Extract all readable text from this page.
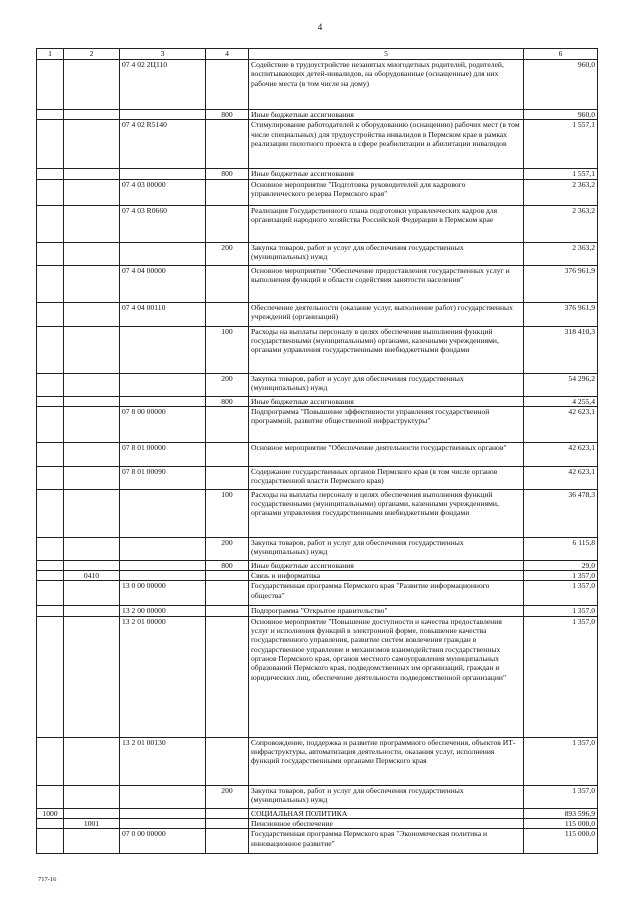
4
1	2	3	4	5	6
		07 4 02 2Ц110		Содействие в трудоустройстве незанятых многодетных родителей, родителей, воспитывающих детей-инвалидов, на оборудованные (оснащенные) для них рабочие места (в том числе на дому)	960,0
			800	Иные бюджетные ассигнования	960,0
		07 4 02 R5140		Стимулирование работодателей к оборудованию (оснащению) рабочих мест (в том числе специальных) для трудоустройства инвалидов в Пермском крае в рамках реализации пилотного проекта в сфере реабилитации и абилитации инвалидов	1 557,1
			800	Иные бюджетные ассигнования	1 557,1
		07 4 03 00000		Основное мероприятие "Подготовка руководителей для кадрового управленческого резерва Пермского края"	2 363,2
		07 4 03 R0660		Реализация Государственного плана подготовки управленческих кадров для организаций народного хозяйства Российской Федерации в Пермском крае	2 363,2
			200	Закупка товаров, работ и услуг для обеспечения государственных (муниципальных) нужд	2 363,2
		07 4 04 00000		Основное мероприятие "Обеспечение предоставления государственных услуг и выполнения функций в области содействия занятости населения"	376 961,9
		07 4 04 00110		Обеспечение деятельности (оказание услуг, выполнение работ) государственных учреждений (организаций)	376 961,9
			100	Расходы на выплаты персоналу в целях обеспечения выполнения функций государственными (муниципальными) органами, казенными учреждениями, органами управления государственными внебюджетными фондами	318 410,3
			200	Закупка товаров, работ и услуг для обеспечения государственных (муниципальных) нужд	54 296,2
			800	Иные бюджетные ассигнования	4 255,4
		07 8 00 00000		Подпрограмма "Повышение эффективности управления государственной программой, развитие общественной инфраструктуры"	42 623,1
		07 8 01 00000		Основное мероприятие "Обеспечение деятельности государственных органов"	42 623,1
		07 8 01 00090		Содержание государственных органов Пермского края (в том числе органов государственной власти Пермского края)	42 623,1
			100	Расходы на выплаты персоналу в целях обеспечения выполнения функций государственными (муниципальными) органами, казенными учреждениями, органами управления государственными внебюджетными фондами	36 478,3
			200	Закупка товаров, работ и услуг для обеспечения государственных (муниципальных) нужд	6 115,8
			800	Иные бюджетные ассигнования	29,0
	0410			Связь и информатика	1 357,0
		13 0 00 00000		Государственная программа Пермского края "Развитие информационного общества"	1 357,0
		13 2 00 00000		Подпрограмма "Открытое правительство"	1 357,0
		13 2 01 00000		Основное мероприятие "Повышение доступности и качества предоставления услуг и исполнения функций в электронной форме, повышение качества государственного управления, развитие систем вовлечения граждан в государственное управление и механизмов взаимодействия государственных органов Пермского края, органов местного самоуправления муниципальных образований Пермского края, подведомственных им организаций, граждан и юридических лиц, обеспечение деятельности подведомственной организации"	1 357,0
		13 2 01 00130		Сопровождение, поддержка и развитие программного обеспечения, объектов ИТ-инфраструктуры, автоматизация деятельности, оказания услуг, исполнения функций государственными органами Пермского края	1 357,0
			200	Закупка товаров, работ и услуг для обеспечения государственных (муниципальных) нужд	1 357,0
1000				СОЦИАЛЬНАЯ ПОЛИТИКА	893 596,9
	1001			Пенсионное обеспечение	115 000,0
		07 0 00 00000		Государственная программа Пермского края "Экономическая политика и инновационное развитие"	115 000,0
717-16
